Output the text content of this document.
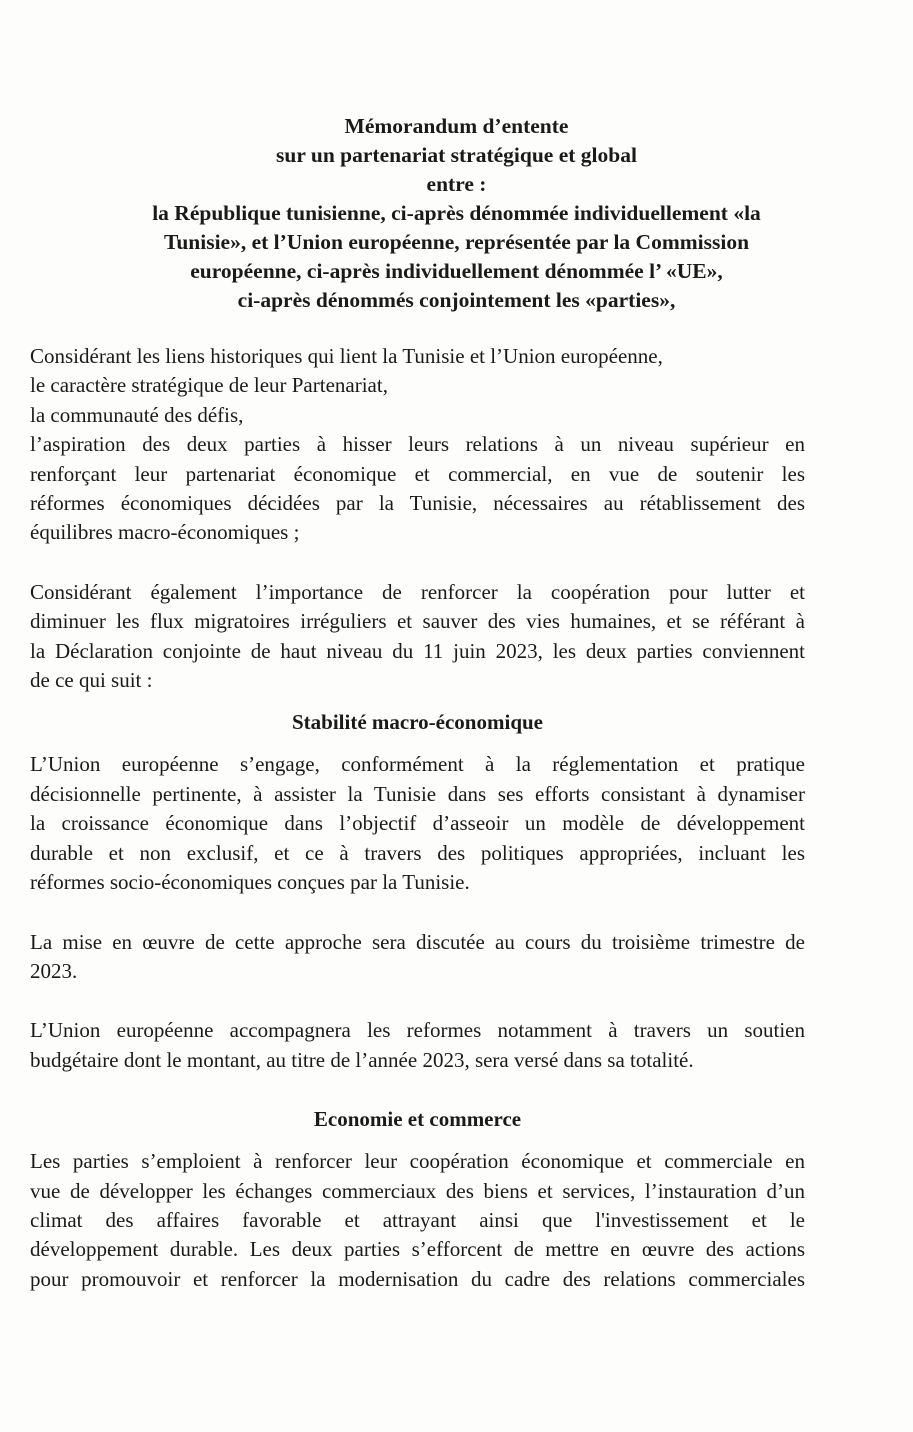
Mémorandum d’entente
sur un partenariat stratégique et global
entre :
la République tunisienne, ci-après dénommée individuellement «la
Tunisie», et l’Union européenne, représentée par la Commission
européenne, ci-après individuellement dénommée l’ «UE»,
ci-après dénommés conjointement les «parties»,

Considérant les liens historiques qui lient la Tunisie et l’Union européenne,
le caractère stratégique de leur Partenariat,
la communauté des défis,
l’aspiration des deux parties à hisser leurs relations à un niveau supérieur en
renforçant leur partenariat économique et commercial, en vue de soutenir les
réformes économiques décidées par la Tunisie, nécessaires au rétablissement des
équilibres macro-économiques ;

Considérant également l’importance de renforcer la coopération pour lutter et
diminuer les flux migratoires irréguliers et sauver des vies humaines, et se référant à
la Déclaration conjointe de haut niveau du 11 juin 2023, les deux parties conviennent
de ce qui suit :

Stabilité macro-économique

L’Union européenne s’engage, conformément à la réglementation et pratique
décisionnelle pertinente, à assister la Tunisie dans ses efforts consistant à dynamiser
la croissance économique dans l’objectif d’asseoir un modèle de développement
durable et non exclusif, et ce à travers des politiques appropriées, incluant les
réformes socio-économiques conçues par la Tunisie.

La mise en œuvre de cette approche sera discutée au cours du troisième trimestre de
2023.

L’Union européenne accompagnera les reformes notamment à travers un soutien
budgétaire dont le montant, au titre de l’année 2023, sera versé dans sa totalité.

Economie et commerce

Les parties s’emploient à renforcer leur coopération économique et commerciale en
vue de développer les échanges commerciaux des biens et services, l’instauration d’un
climat des affaires favorable et attrayant ainsi que l'investissement et le
développement durable. Les deux parties s’efforcent de mettre en œuvre des actions
pour promouvoir et renforcer la modernisation du cadre des relations commerciales
